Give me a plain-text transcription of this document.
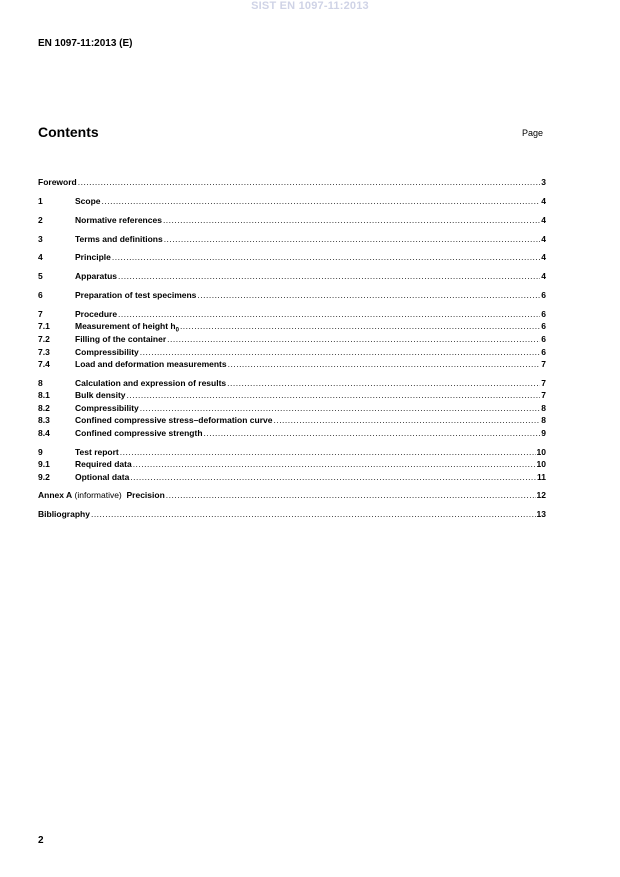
SIST EN 1097-11:2013
EN 1097-11:2013 (E)
Contents	Page
Foreword .....	3
1	Scope .....	4
2	Normative references .....	4
3	Terms and definitions .....	4
4	Principle .....	4
5	Apparatus .....	4
6	Preparation of test specimens .....	6
7	Procedure .....	6
7.1	Measurement of height $h_0$ .....	6
7.2	Filling of the container .....	6
7.3	Compressibility .....	6
7.4	Load and deformation measurements .....	7
8	Calculation and expression of results .....	7
8.1	Bulk density .....	7
8.2	Compressibility .....	8
8.3	Confined compressive stress–deformation curve .....	8
8.4	Confined compressive strength .....	9
9	Test report .....	10
9.1	Required data .....	10
9.2	Optional data .....	11
Annex A (informative)  Precision .....	12
Bibliography .....	13
2
